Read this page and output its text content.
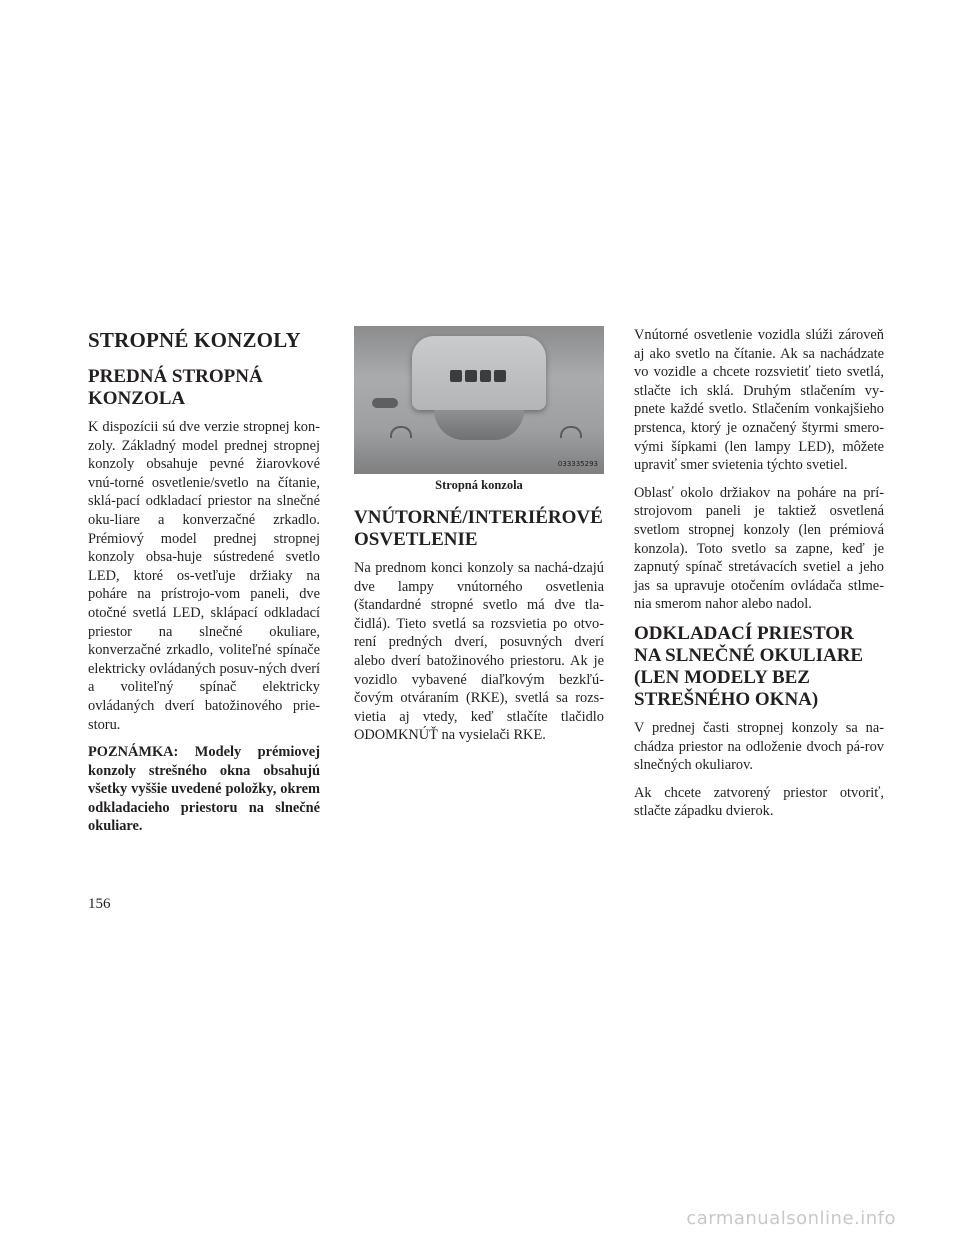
STROPNÉ KONZOLY
PREDNÁ STROPNÁ KONZOLA

K dispozícii sú dve verzie stropnej kon-zoly. Základný model prednej stropnej konzoly obsahuje pevné žiarovkové vnú-torné osvetlenie/svetlo na čítanie, sklá-pací odkladací priestor na slnečné oku-liare a konverzačné zrkadlo. Prémiový model prednej stropnej konzoly obsa-huje sústredené svetlo LED, ktoré os-vetľuje držiaky na poháre na prístrojo-vom paneli, dve otočné svetlá LED, sklápací odkladací priestor na slnečné okuliare, konverzačné zrkadlo, voliteľné spínače elektricky ovládaných posuv-ných dverí a voliteľný spínač elektricky ovládaných dverí batožinového prie-storu.

POZNÁMKA: Modely prémiovej konzoly strešného okna obsahujú všetky vyššie uvedené položky, okrem odkladacieho priestoru na slnečné okuliare.

033335293
Stropná konzola
VNÚTORNÉ/INTERIÉROVÉ OSVETLENIE

Na prednom konci konzoly sa nachá-dzajú dve lampy vnútorného osvetlenia (štandardné stropné svetlo má dve tla-čidlá). Tieto svetlá sa rozsvietia po otvo-rení predných dverí, posuvných dverí alebo dverí batožinového priestoru. Ak je vozidlo vybavené diaľkovým bezkľú-čovým otváraním (RKE), svetlá sa rozs-vietia aj vtedy, keď stlačíte tlačidlo ODOMKNÚŤ na vysielači RKE.

Vnútorné osvetlenie vozidla slúži zároveň aj ako svetlo na čítanie. Ak sa nachádzate vo vozidle a chcete rozsvietiť tieto svetlá, stlačte ich sklá. Druhým stlačením vy-pnete každé svetlo. Stlačením vonkajšieho prstenca, ktorý je označený štyrmi smero-vými šípkami (len lampy LED), môžete upraviť smer svietenia týchto svetiel.

Oblasť okolo držiakov na poháre na prí-strojovom paneli je taktiež osvetlená svetlom stropnej konzoly (len prémiová konzola). Toto svetlo sa zapne, keď je zapnutý spínač stretávacích svetiel a jeho jas sa upravuje otočením ovládača stlme-nia smerom nahor alebo nadol.

ODKLADACÍ PRIESTOR NA SLNEČNÉ OKULIARE (LEN MODELY BEZ STREŠNÉHO OKNA)

V prednej časti stropnej konzoly sa na-chádza priestor na odloženie dvoch pá-rov slnečných okuliarov.

Ak chcete zatvorený priestor otvoriť, stlačte západku dvierok.

156
carmanualsonline.info
